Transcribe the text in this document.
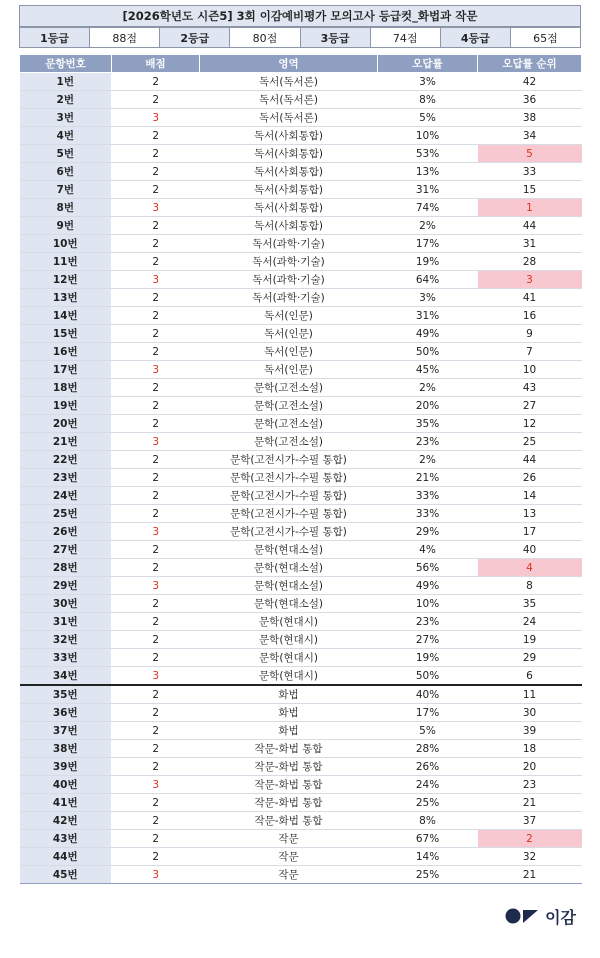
[2026학년도 시즌5] 3회 이감예비평가 모의고사 등급컷_화법과 작문
1등급	88점	2등급	80점	3등급	74점	4등급	65점
문항번호	배점	영역	오답률	오답률 순위
1번	2	독서(독서론)	3%	42
2번	2	독서(독서론)	8%	36
3번	3	독서(독서론)	5%	38
4번	2	독서(사회통합)	10%	34
5번	2	독서(사회통합)	53%	5
6번	2	독서(사회통합)	13%	33
7번	2	독서(사회통합)	31%	15
8번	3	독서(사회통합)	74%	1
9번	2	독서(사회통합)	2%	44
10번	2	독서(과학·기술)	17%	31
11번	2	독서(과학·기술)	19%	28
12번	3	독서(과학·기술)	64%	3
13번	2	독서(과학·기술)	3%	41
14번	2	독서(인문)	31%	16
15번	2	독서(인문)	49%	9
16번	2	독서(인문)	50%	7
17번	3	독서(인문)	45%	10
18번	2	문학(고전소설)	2%	43
19번	2	문학(고전소설)	20%	27
20번	2	문학(고전소설)	35%	12
21번	3	문학(고전소설)	23%	25
22번	2	문학(고전시가-수필 통합)	2%	44
23번	2	문학(고전시가-수필 통합)	21%	26
24번	2	문학(고전시가-수필 통합)	33%	14
25번	2	문학(고전시가-수필 통합)	33%	13
26번	3	문학(고전시가-수필 통합)	29%	17
27번	2	문학(현대소설)	4%	40
28번	2	문학(현대소설)	56%	4
29번	3	문학(현대소설)	49%	8
30번	2	문학(현대소설)	10%	35
31번	2	문학(현대시)	23%	24
32번	2	문학(현대시)	27%	19
33번	2	문학(현대시)	19%	29
34번	3	문학(현대시)	50%	6
35번	2	화법	40%	11
36번	2	화법	17%	30
37번	2	화법	5%	39
38번	2	작문-화법 통합	28%	18
39번	2	작문-화법 통합	26%	20
40번	3	작문-화법 통합	24%	23
41번	2	작문-화법 통합	25%	21
42번	2	작문-화법 통합	8%	37
43번	2	작문	67%	2
44번	2	작문	14%	32
45번	3	작문	25%	21
이감
